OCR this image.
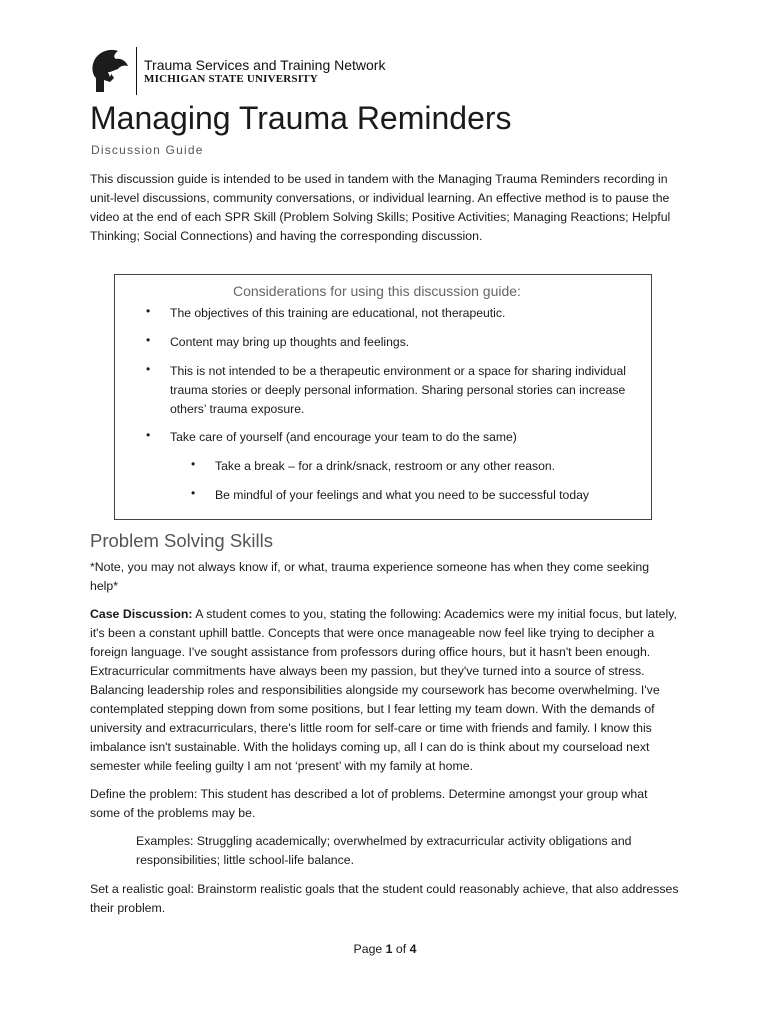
Trauma Services and Training Network
MICHIGAN STATE UNIVERSITY
Managing Trauma Reminders
Discussion Guide
This discussion guide is intended to be used in tandem with the Managing Trauma Reminders recording in unit-level discussions, community conversations, or individual learning. An effective method is to pause the video at the end of each SPR Skill (Problem Solving Skills; Positive Activities; Managing Reactions; Helpful Thinking; Social Connections) and having the corresponding discussion.
Considerations for using this discussion guide:
• The objectives of this training are educational, not therapeutic.
• Content may bring up thoughts and feelings.
• This is not intended to be a therapeutic environment or a space for sharing individual trauma stories or deeply personal information. Sharing personal stories can increase others’ trauma exposure.
• Take care of yourself (and encourage your team to do the same)
• Take a break – for a drink/snack, restroom or any other reason.
• Be mindful of your feelings and what you need to be successful today
Problem Solving Skills
*Note, you may not always know if, or what, trauma experience someone has when they come seeking help*
Case Discussion: A student comes to you, stating the following: Academics were my initial focus, but lately, it's been a constant uphill battle. Concepts that were once manageable now feel like trying to decipher a foreign language. I've sought assistance from professors during office hours, but it hasn't been enough. Extracurricular commitments have always been my passion, but they've turned into a source of stress. Balancing leadership roles and responsibilities alongside my coursework has become overwhelming. I've contemplated stepping down from some positions, but I fear letting my team down. With the demands of university and extracurriculars, there's little room for self-care or time with friends and family. I know this imbalance isn't sustainable. With the holidays coming up, all I can do is think about my courseload next semester while feeling guilty I am not ‘present’ with my family at home.
Define the problem: This student has described a lot of problems. Determine amongst your group what some of the problems may be.
Examples: Struggling academically; overwhelmed by extracurricular activity obligations and responsibilities; little school-life balance.
Set a realistic goal: Brainstorm realistic goals that the student could reasonably achieve, that also addresses their problem.
Page 1 of 4
